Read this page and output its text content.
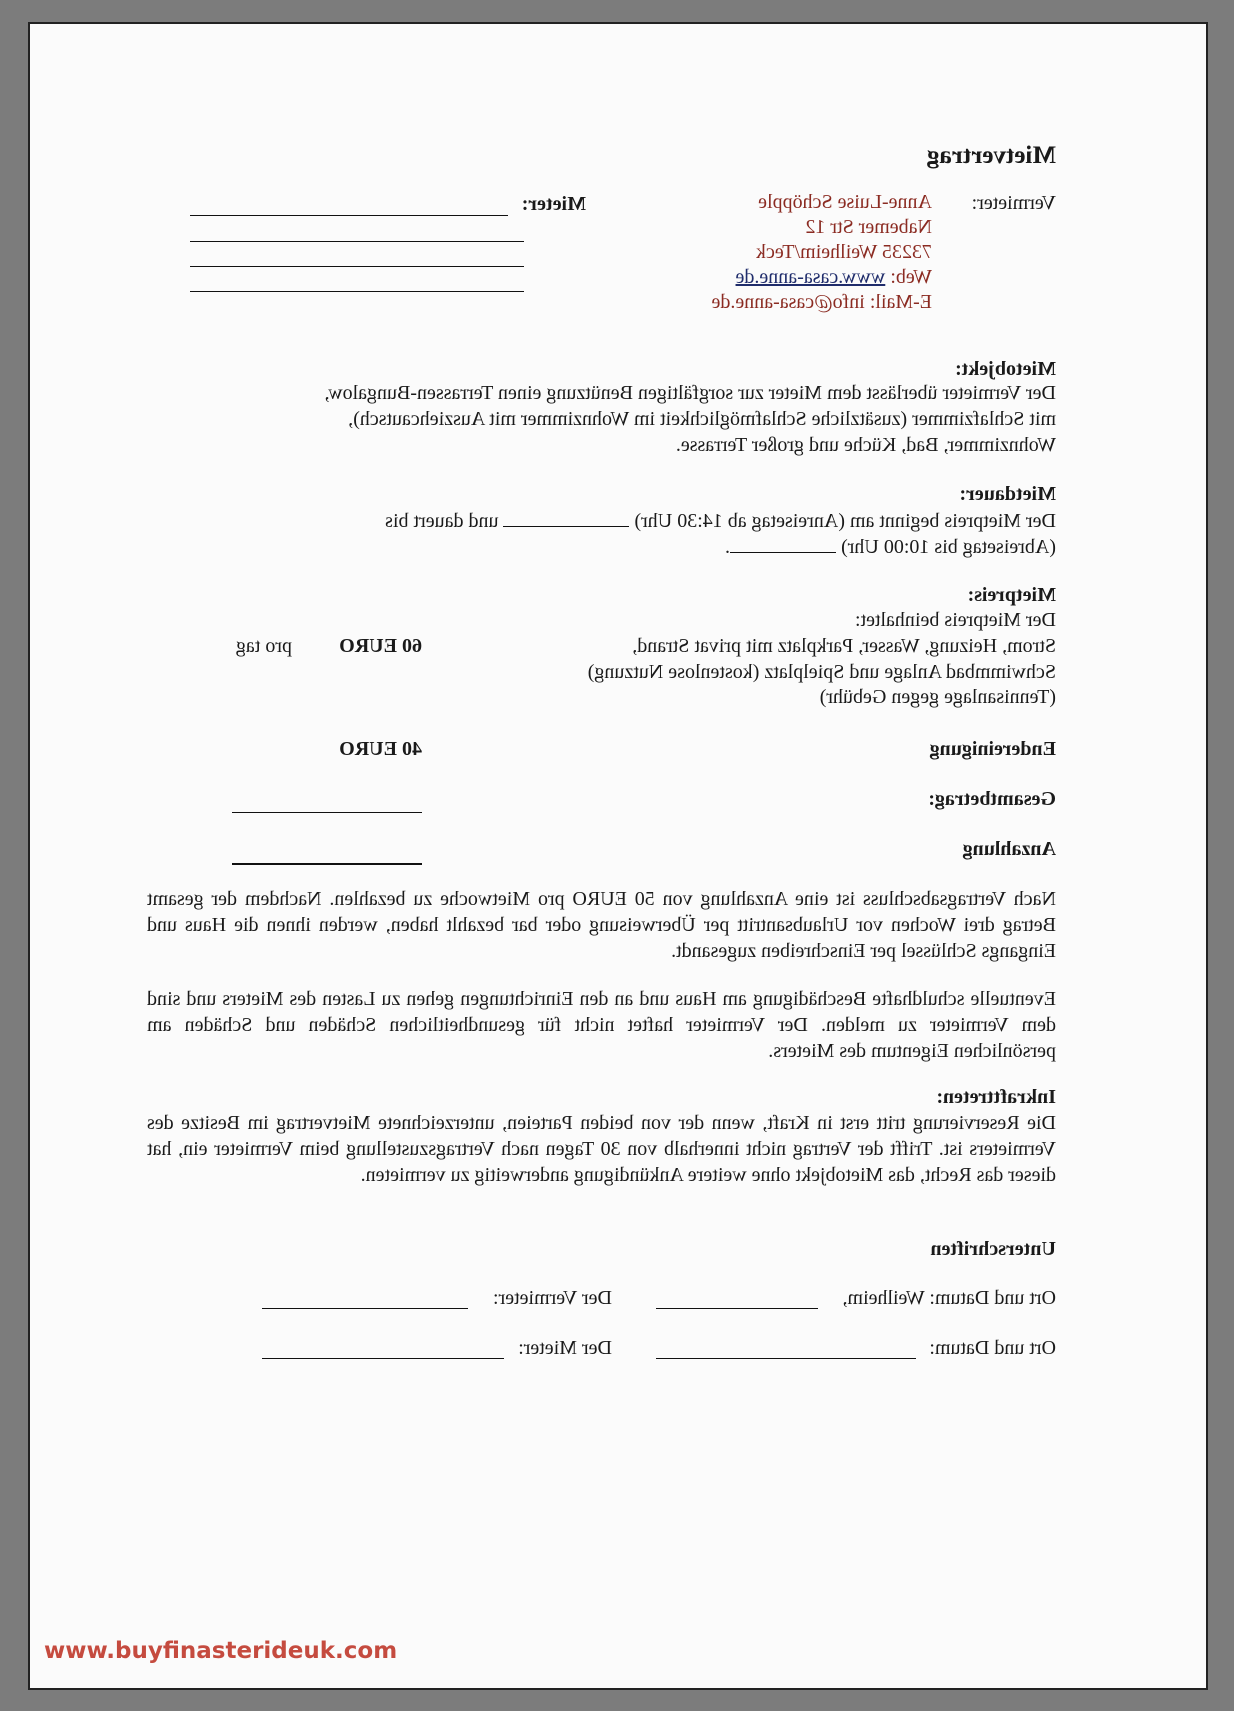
Mietvertrag
Vermieter:
Anne-Luise Schöpple
Nabemer Str 12
73235 Weilheim/Teck
Web: www.casa-anne.de
E-Mail: info@casa-anne.de
Mieter:
Mietobjekt:
Der Vermieter überlässt dem Mieter zur sorgfältigen Benützung einen Terrassen-Bungalow,
mit Schlafzimmer (zusätzliche Schlafmöglichkeit im Wohnzimmer mit Ausziehcautsch),
Wohnzimmer, Bad, Küche und großer Terrasse.
Mietdauer:
Der Mietpreis beginnt am (Anreisetag ab 14:30 Uhr)  und dauert bis
(Abreisetag bis 10:00 Uhr) .
Mietpreis:
Der Mietpreis beinhaltet:
Strom, Heizung, Wasser, Parkplatz mit privat Strand,
Schwimmbad Anlage und Spielplatz (kostenlose Nutzung)
(Tennisanlage gegen Gebühr)
60 EURO
pro tag
Endereinigung
40 EURO
Gesamtbetrag:
Anzahlung
Nach Vertragsabschluss ist eine Anzahlung von 50 EURO pro Mietwoche zu bezahlen. Nachdem der gesamt Betrag drei Wochen vor Urlaubsantritt per Überweisung oder bar bezahlt haben, werden ihnen die Haus und Eingangs Schlüssel per Einschreiben zugesandt.
Eventuelle schuldhafte Beschädigung am Haus und an den Einrichtungen gehen zu Lasten des Mieters und sind dem Vermieter zu melden. Der Vermieter haftet nicht für gesundheitlichen Schäden und Schäden am persönlichen Eigentum des Mieters.
Inkrafttreten:
Die Reservierung tritt erst in Kraft, wenn der von beiden Parteien, unterzeichnete Mietvertrag im Besitze des Vermieters ist. Trifft der Vertrag nicht innerhalb von 30 Tagen nach Vertragszustellung beim Vermieter ein, hat dieser das Recht, das Mietobjekt ohne weitere Ankündigung anderweitig zu vermieten.
Unterschriften
Ort und Datum: Weilheim,
Der Vermieter:
Ort und Datum:
Der Mieter:
www.buyfinasterideuk.com
